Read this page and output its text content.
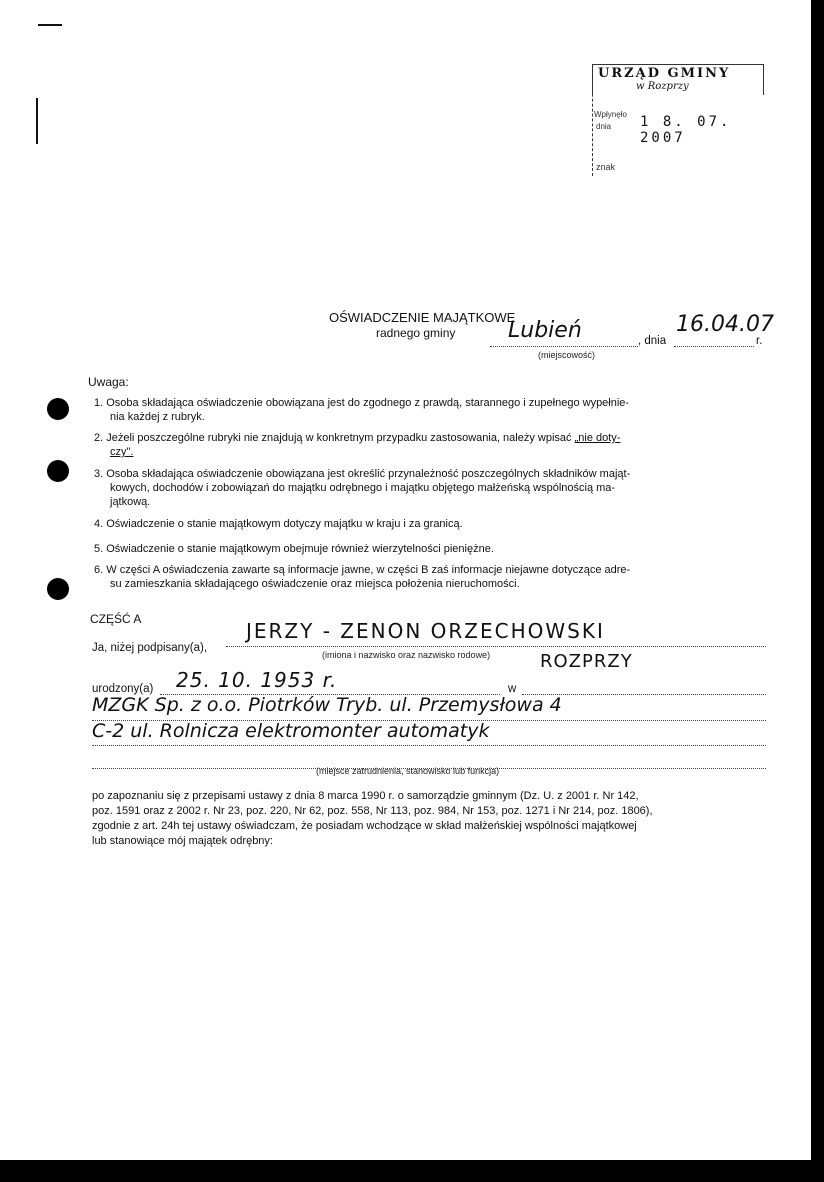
URZĄD GMINY
w Rozprzy
Wpłynęło
dnia 1 8. 07. 2007
znak
OŚWIADCZENIE MAJĄTKOWE
radnego gminy Lubień
(miejscowość)
, dnia
16.04.07
r.
Uwaga:
1. Osoba składająca oświadczenie obowiązana jest do zgodnego z prawdą, starannego i zupełnego wypełnie-
nia każdej z rubryk.
2. Jeżeli poszczególne rubryki nie znajdują w konkretnym przypadku zastosowania, należy wpisać „nie doty-
czy".
3. Osoba składająca oświadczenie obowiązana jest określić przynależność poszczególnych składników mająt-
kowych, dochodów i zobowiązań do majątku odrębnego i majątku objętego małżeńską wspólnością ma-
jątkową.
4. Oświadczenie o stanie majątkowym dotyczy majątku w kraju i za granicą.
5. Oświadczenie o stanie majątkowym obejmuje również wierzytelności pieniężne.
6. W części A oświadczenia zawarte są informacje jawne, w części B zaś informacje niejawne dotyczące adre-
su zamieszkania składającego oświadczenie oraz miejsca położenia nieruchomości.
CZĘŚĆ A
Ja, niżej podpisany(a),
JERZY - ZENON ORZECHOWSKI
(imiona i nazwisko oraz nazwisko rodowe)
urodzony(a) 25. 10. 1953 r.	w
ROZPRZY
MZGK Sp. z o.o. Piotrków Tryb. ul. Przemysłowa 4
C-2 ul. Rolnicza elektromonter automatyk
(miejsce zatrudnienia, stanowisko lub funkcja)
po zapoznaniu się z przepisami ustawy z dnia 8 marca 1990 r. o samorządzie gminnym (Dz. U. z 2001 r. Nr 142,
poz. 1591 oraz z 2002 r. Nr 23, poz. 220, Nr 62, poz. 558, Nr 113, poz. 984, Nr 153, poz. 1271 i Nr 214, poz. 1806),
zgodnie z art. 24h tej ustawy oświadczam, że posiadam wchodzące w skład małżeńskiej wspólności majątkowej
lub stanowiące mój majątek odrębny:
